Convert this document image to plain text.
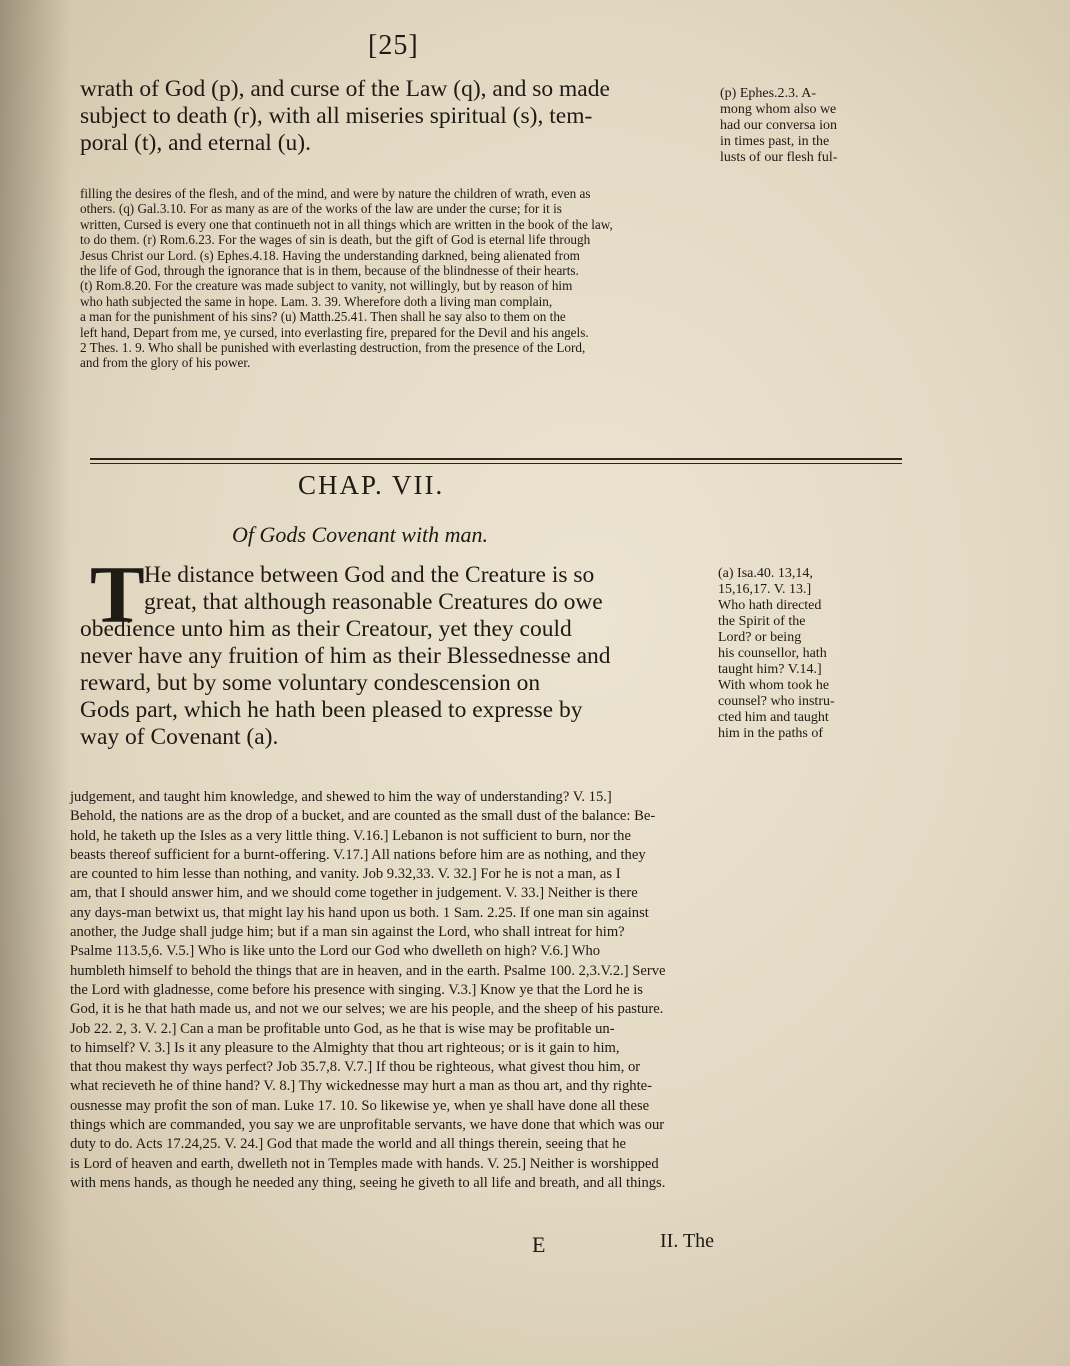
[25]
wrath of God (p), and curse of the Law (q), and so made
subject to death (r), with all miseries spiritual (s), tem-
poral (t), and eternal (u).
(p) Ephes.2.3. A-
mong whom also we
had our conversa ion
in times past, in the
lusts of our flesh ful-
filling the desires of the flesh, and of the mind, and were by nature the children of wrath, even as
others. (q) Gal.3.10. For as many as are of the works of the law are under the curse; for it is
written, Cursed is every one that continueth not in all things which are written in the book of the law,
to do them. (r) Rom.6.23. For the wages of sin is death, but the gift of God is eternal life through
Jesus Christ our Lord. (s) Ephes.4.18. Having the understanding darkned, being alienated from
the life of God, through the ignorance that is in them, because of the blindnesse of their hearts.
(t) Rom.8.20. For the creature was made subject to vanity, not willingly, but by reason of him
who hath subjected the same in hope. Lam. 3. 39. Wherefore doth a living man complain,
a man for the punishment of his sins? (u) Matth.25.41. Then shall he say also to them on the
left hand, Depart from me, ye cursed, into everlasting fire, prepared for the Devil and his angels.
2 Thes. 1. 9. Who shall be punished with everlasting destruction, from the presence of the Lord,
and from the glory of his power.
CHAP. VII.
Of Gods Covenant with man.
T He distance between God and the Creature is so
great, that although reasonable Creatures do owe
obedience unto him as their Creatour, yet they could
never have any fruition of him as their Blessednesse and
reward, but by some voluntary condescension on
Gods part, which he hath been pleased to expresse by
way of Covenant (a).
(a) Isa.40. 13,14,
15,16,17. V. 13.]
Who hath directed
the Spirit of the
Lord? or being
his counsellor, hath
taught him? V.14.]
With whom took he
counsel? who instru-
cted him and taught
him in the paths of
judgement, and taught him knowledge, and shewed to him the way of understanding? V. 15.]
Behold, the nations are as the drop of a bucket, and are counted as the small dust of the balance: Be-
hold, he taketh up the Isles as a very little thing. V.16.] Lebanon is not sufficient to burn, nor the
beasts thereof sufficient for a burnt-offering. V.17.] All nations before him are as nothing, and they
are counted to him lesse than nothing, and vanity. Job 9.32,33. V. 32.] For he is not a man, as I
am, that I should answer him, and we should come together in judgement. V. 33.] Neither is there
any days-man betwixt us, that might lay his hand upon us both. 1 Sam. 2.25. If one man sin against
another, the Judge shall judge him; but if a man sin against the Lord, who shall intreat for him?
Psalme 113.5,6. V.5.] Who is like unto the Lord our God who dwelleth on high? V.6.] Who
humbleth himself to behold the things that are in heaven, and in the earth. Psalme 100. 2,3.V.2.] Serve
the Lord with gladnesse, come before his presence with singing. V.3.] Know ye that the Lord he is
God, it is he that hath made us, and not we our selves; we are his people, and the sheep of his pasture.
Job 22. 2, 3. V. 2.] Can a man be profitable unto God, as he that is wise may be profitable un-
to himself? V. 3.] Is it any pleasure to the Almighty that thou art righteous; or is it gain to him,
that thou makest thy ways perfect? Job 35.7,8. V.7.] If thou be righteous, what givest thou him, or
what recieveth he of thine hand? V. 8.] Thy wickednesse may hurt a man as thou art, and thy righte-
ousnesse may profit the son of man. Luke 17. 10. So likewise ye, when ye shall have done all these
things which are commanded, you say we are unprofitable servants, we have done that which was our
duty to do. Acts 17.24,25. V. 24.] God that made the world and all things therein, seeing that he
is Lord of heaven and earth, dwelleth not in Temples made with hands. V. 25.] Neither is worshipped
with mens hands, as though he needed any thing, seeing he giveth to all life and breath, and all things.
E	II. The
